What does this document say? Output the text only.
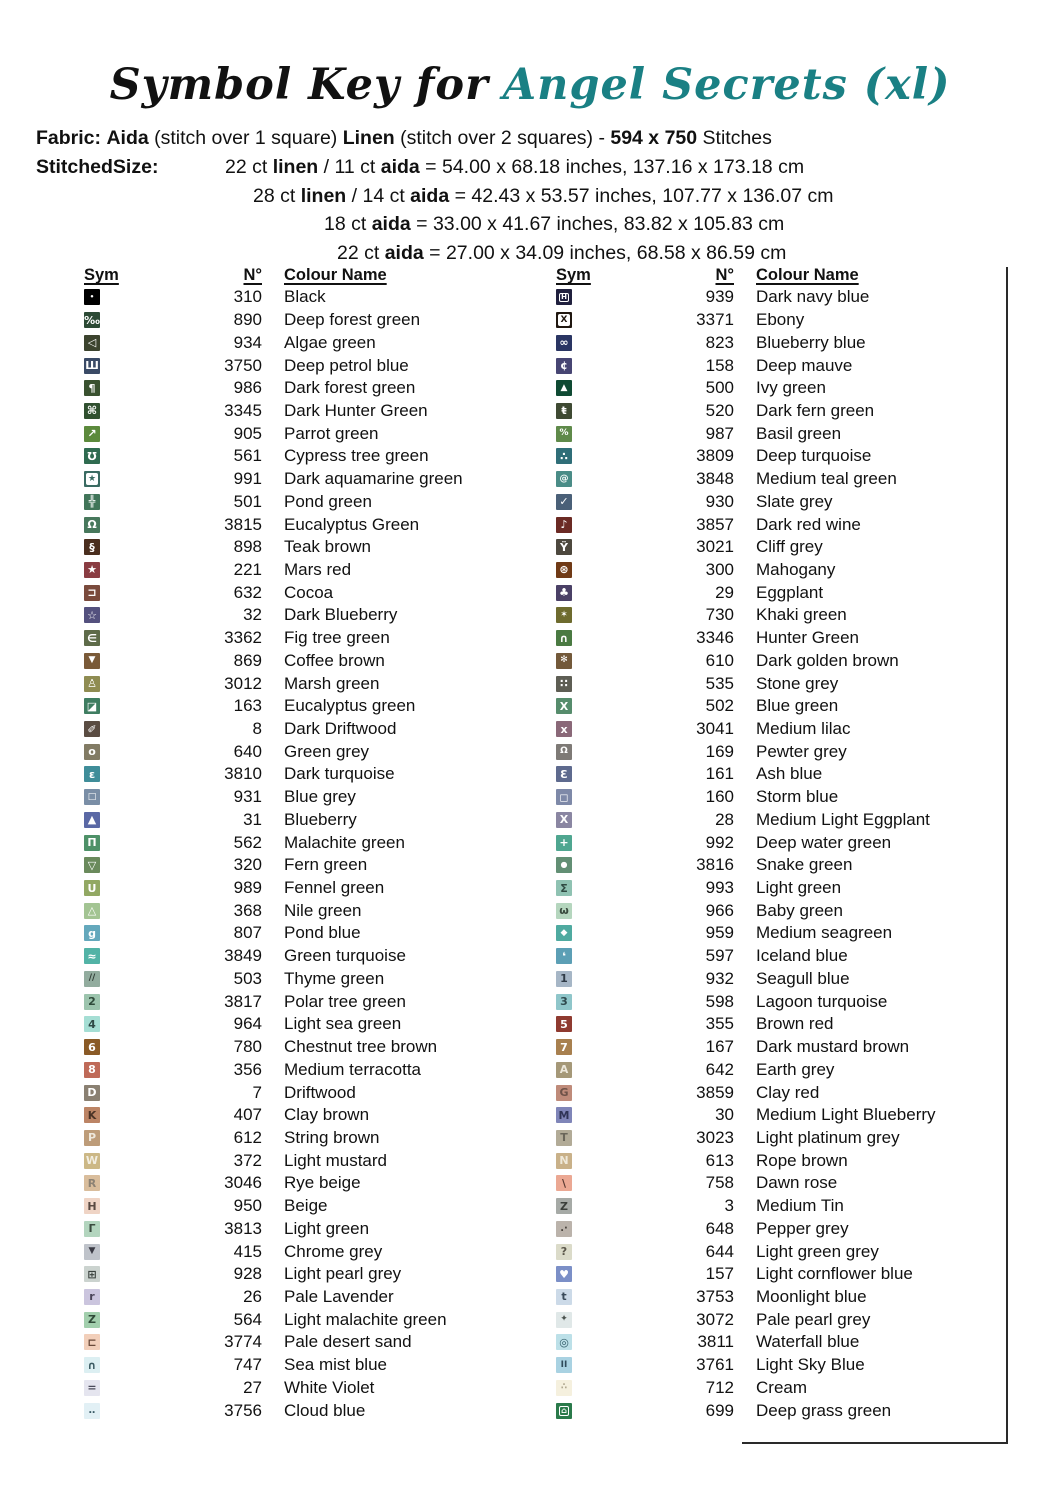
Symbol Key for Angel Secrets (xl)
Fabric: Aida (stitch over 1 square) Linen (stitch over 2 squares) - 594 x 750 Stitches
StitchedSize:	22 ct linen / 11 ct aida = 54.00 x 68.18 inches, 137.16 x 173.18 cm
28 ct linen / 14 ct aida = 42.43 x 53.57 inches, 107.77 x 136.07 cm
18 ct aida = 33.00 x 41.67 inches, 83.82 x 105.83 cm
22 ct aida = 27.00 x 34.09 inches, 68.58 x 86.59 cm
Sym	N° Colour Name
•	310 Black
‰	890 Deep forest green
◁	934 Algae green
Ш	3750 Deep petrol blue
¶	986 Dark forest green
⌘	3345 Dark Hunter Green
↗	905 Parrot green
℧	561 Cypress tree green
★	991 Dark aquamarine green
╬	501 Pond green
Ω	3815 Eucalyptus Green
§	898 Teak brown
★	221 Mars red
⊐	632 Cocoa
☆	32 Dark Blueberry
∈	3362 Fig tree green
▼	869 Coffee brown
♙	3012 Marsh green
◪	163 Eucalyptus green
✐	8 Dark Driftwood
o	640 Green grey
ɛ	3810 Dark turquoise
□	931 Blue grey
▲	31 Blueberry
Π	562 Malachite green
▽	320 Fern green
U	989 Fennel green
△	368 Nile green
g	807 Pond blue
≈	3849 Green turquoise
∕∕	503 Thyme green
2	3817 Polar tree green
4	964 Light sea green
6	780 Chestnut tree brown
8	356 Medium terracotta
D	7 Driftwood
K	407 Clay brown
P	612 String brown
W	372 Light mustard
R	3046 Rye beige
H	950 Beige
Γ	3813 Light green
▼	415 Chrome grey
⊞	928 Light pearl grey
r	26 Pale Lavender
Z	564 Light malachite green
⊏	3774 Pale desert sand
∩	747 Sea mist blue
=	27 White Violet
‥	3756 Cloud blue
Sym	N° Colour Name
H	939 Dark navy blue
X	3371 Ebony
∞	823 Blueberry blue
¢	158 Deep mauve
▲	500 Ivy green
ŧ	520 Dark fern green
%	987 Basil green
∴	3809 Deep turquoise
@	3848 Medium teal green
✓	930 Slate grey
♪	3857 Dark red wine
Ÿ	3021 Cliff grey
⊛	300 Mahogany
♣	29 Eggplant
✶	730 Khaki green
∩	3346 Hunter Green
✻	610 Dark golden brown
∷	535 Stone grey
X	502 Blue green
x	3041 Medium lilac
Ω	169 Pewter grey
Ɛ	161 Ash blue
◻	160 Storm blue
Χ	28 Medium Light Eggplant
+	992 Deep water green
●	3816 Snake green
Σ	993 Light green
ω	966 Baby green
◆	959 Medium seagreen
❛	597 Iceland blue
1	932 Seagull blue
3	598 Lagoon turquoise
5	355 Brown red
7	167 Dark mustard brown
A	642 Earth grey
G	3859 Clay red
M	30 Medium Light Blueberry
T	3023 Light platinum grey
N	613 Rope brown
\	758 Dawn rose
Z	3 Medium Tin
.·	648 Pepper grey
?	644 Light green grey
♥	157 Light cornflower blue
t	3753 Moonlight blue
✦	3072 Pale pearl grey
◎	3811 Waterfall blue
II	3761 Light Sky Blue
∴	712 Cream
⌂	699 Deep grass green
